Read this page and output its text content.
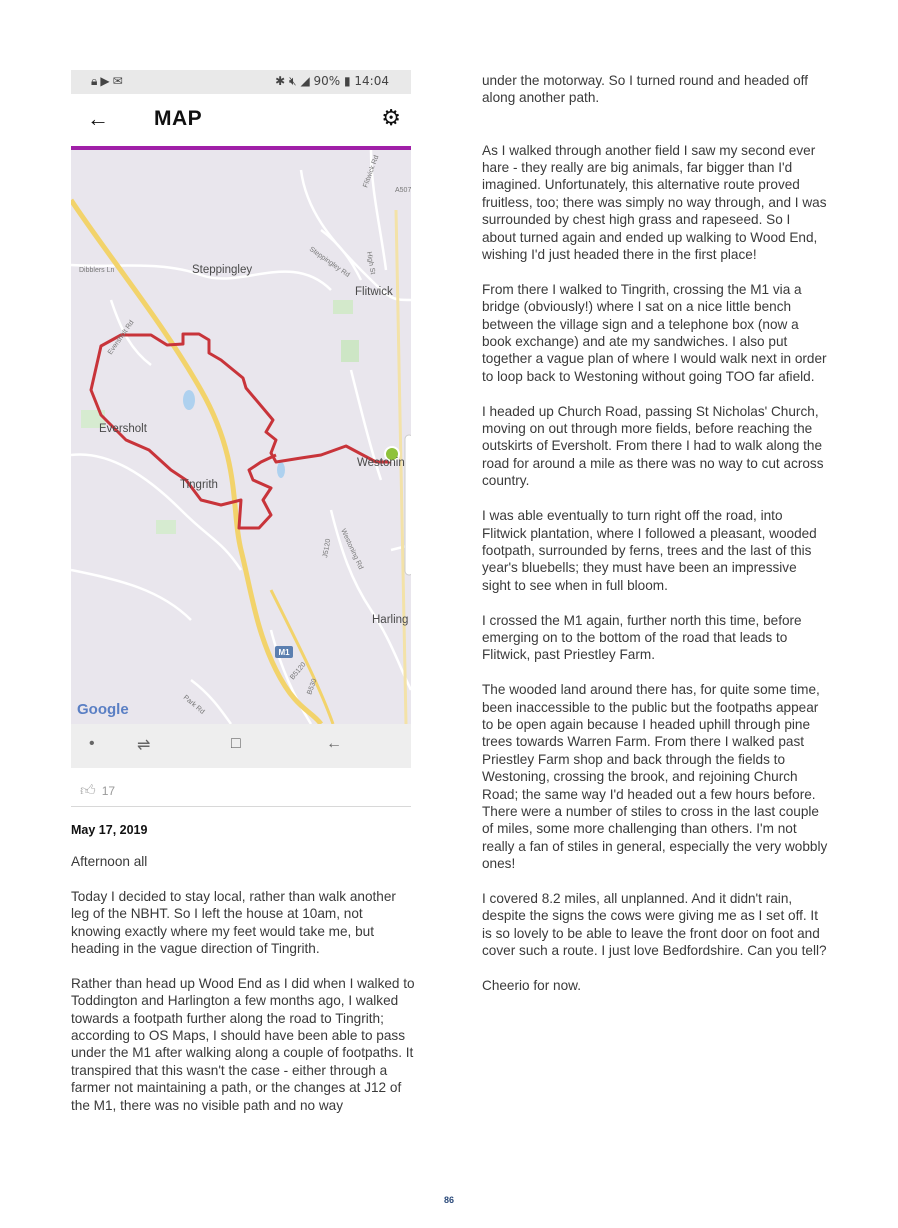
🔒︎▶✉	✱ 🔇︎ ◢ 90% ▮ 14:04
← MAP	⚙
Steppingley
Flitwick
Eversholt
Westonin
Tingrith
Harling
Dibblers Ln
Eversholt Rd
Steppingley Rd High St
Flitwick Rd
A507
Westoning Rd
J5120
B530
B5120
Park Rd
M1
Google
•	⇌	□	←
👍︎ 17
May 17, 2019

Afternoon all

Today I decided to stay local, rather than walk another leg of the NBHT. So I left the house at 10am, not knowing exactly where my feet would take me, but heading in the vague direction of Tingrith.

Rather than head up Wood End as I did when I walked to Toddington and Harlington a few months ago, I walked towards a footpath further along the road to Tingrith; according to OS Maps, I should have been able to pass under the M1 after walking along a couple of footpaths. It transpired that this wasn't the case - either through a farmer not maintaining a path, or the changes at J12 of the M1, there was no visible path and no way

under the motorway. So I turned round and headed off along another path.

As I walked through another field I saw my second ever hare - they really are big animals, far bigger than I'd imagined. Unfortunately, this alternative route proved fruitless, too; there was simply no way through, and I was surrounded by chest high grass and rapeseed. So I about turned again and ended up walking to Wood End, wishing I'd just headed there in the first place!

From there I walked to Tingrith, crossing the M1 via a bridge (obviously!) where I sat on a nice little bench between the village sign and a telephone box (now a book exchange) and ate my sandwiches. I also put together a vague plan of where I would walk next in order to loop back to Westoning without going TOO far afield.

I headed up Church Road, passing St Nicholas' Church, moving on out through more fields, before reaching the outskirts of Eversholt. From there I had to walk along the road for around a mile as there was no way to cut across country.

I was able eventually to turn right off the road, into Flitwick plantation, where I followed a pleasant, wooded footpath, surrounded by ferns, trees and the last of this year's bluebells; they must have been an impressive sight to see when in full bloom.

I crossed the M1 again, further north this time, before emerging on to the bottom of the road that leads to Flitwick, past Priestley Farm.

The wooded land around there has, for quite some time, been inaccessible to the public but the footpaths appear to be open again because I headed uphill through pine trees towards Warren Farm. From there I walked past Priestley Farm shop and back through the fields to Westoning, crossing the brook, and rejoining Church Road; the same way I'd headed out a few hours before. There were a number of stiles to cross in the last couple of miles, some more challenging than others. I'm not really a fan of stiles in general, especially the very wobbly ones!

I covered 8.2 miles, all unplanned. And it didn't rain, despite the signs the cows were giving me as I set off. It is so lovely to be able to leave the front door on foot and cover such a route. I just love Bedfordshire. Can you tell?

Cheerio for now.

86
